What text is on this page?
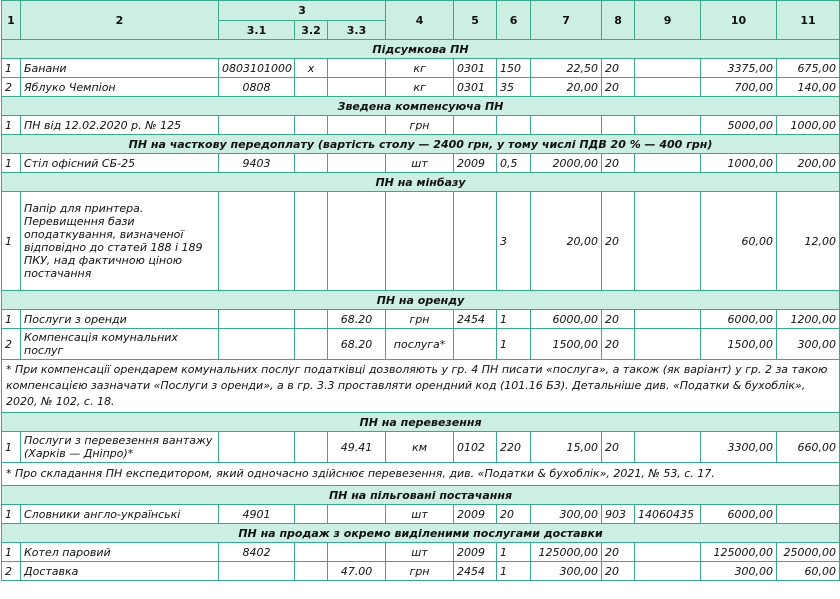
1	2	3			4	5	6	7	8	9	10	11
		3.1	3.2	3.3								
Підсумкова ПН												
1	Банани	0803101000	х		кг	0301	150	22,50	20		3375,00	675,00
2	Яблуко Чемпіон	0808			кг	0301	35	20,00	20		700,00	140,00
Зведена компенсуюча ПН												
1	ПН від 12.02.2020 р. № 125				грн						5000,00	1000,00
ПН на часткову передоплату (вартість столу — 2400 грн, у тому числі ПДВ 20 % — 400 грн)												
1	Стіл офісний СБ-25	9403			шт	2009	0,5	2000,00	20		1000,00	200,00
ПН на мінбазу												
1	Папір для принтера. Перевищення бази оподаткування, визначеної відповідно до статей 188 і 189 ПКУ, над фактичною ціною постачання						3	20,00	20		60,00	12,00
ПН на оренду												
1	Послуги з оренди			68.20	грн	2454	1	6000,00	20		6000,00	1200,00
2	Компенсація комунальних послуг			68.20	послуга*		1	1500,00	20		1500,00	300,00
* При компенсації орендарем комунальних послуг податківці дозволяють у гр. 4 ПН писати «послуга», а також (як варіант) у гр. 2 за такою компенсацією зазначати «Послуги з оренди», а в гр. 3.3 проставляти орендний код (101.16 БЗ). Детальніше див. «Податки & бухоблік», 2020, № 102, с. 18.												
ПН на перевезення												
1	Послуги з перевезення вантажу (Харків — Дніпро)*			49.41	км	0102	220	15,00	20		3300,00	660,00
* Про складання ПН експедитором, який одночасно здійснює перевезення, див. «Податки & бухоблік», 2021, № 53, с. 17.												
ПН на пільговані постачання												
1	Словники англо-українські	4901			шт	2009	20	300,00	903	14060435	6000,00	
ПН на продаж з окремо виділеними послугами доставки												
1	Котел паровий	8402			шт	2009	1	125000,00	20		125000,00	25000,00
2	Доставка			47.00	грн	2454	1	300,00	20		300,00	60,00
